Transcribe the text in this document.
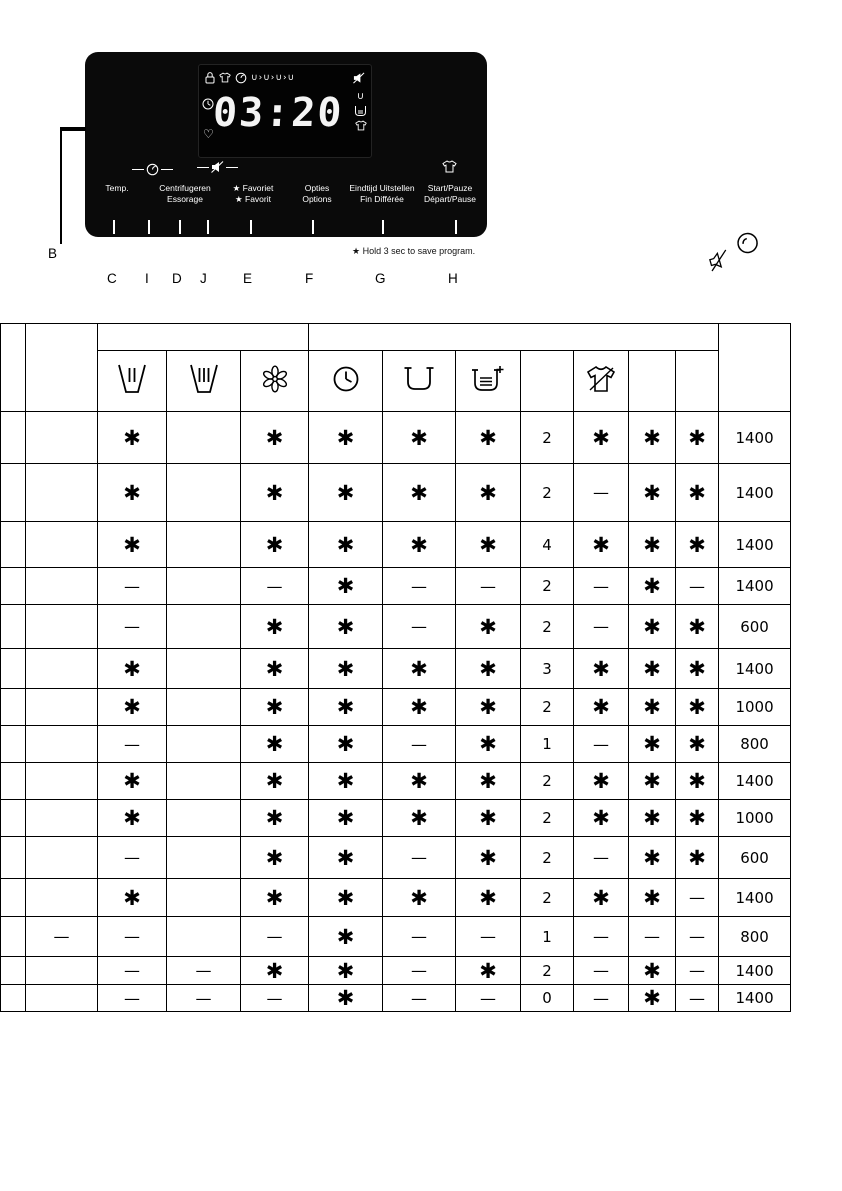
∪›∪›∪›∪
♡
03:20 ∪
Temp.	Centrifugeren
Essorage
★ Favoriet
★ Favorit
Opties
Options
Eindtijd Uitstellen
Fin Différée
Start/Pauze
Départ/Pause
★ Hold 3 sec to save program.
B
C I D J	E	F	G	H

		✱		✱	✱	✱	✱	2	✱	✱	✱	1400
		✱		✱	✱	✱	✱	2	—	✱	✱	1400
		✱		✱	✱	✱	✱	4	✱	✱	✱	1400
		—		—	✱	—	—	2	—	✱	—	1400
		—		✱	✱	—	✱	2	—	✱	✱	600
		✱		✱	✱	✱	✱	3	✱	✱	✱	1400
		✱		✱	✱	✱	✱	2	✱	✱	✱	1000
		—		✱	✱	—	✱	1	—	✱	✱	800
		✱		✱	✱	✱	✱	2	✱	✱	✱	1400
		✱		✱	✱	✱	✱	2	✱	✱	✱	1000
		—		✱	✱	—	✱	2	—	✱	✱	600
		✱		✱	✱	✱	✱	2	✱	✱	—	1400
	—	—		—	✱	—	—	1	—	—	—	800
		—	—	✱	✱	—	✱	2	—	✱	—	1400
		—	—	—	✱	—	—	0	—	✱	—	1400
